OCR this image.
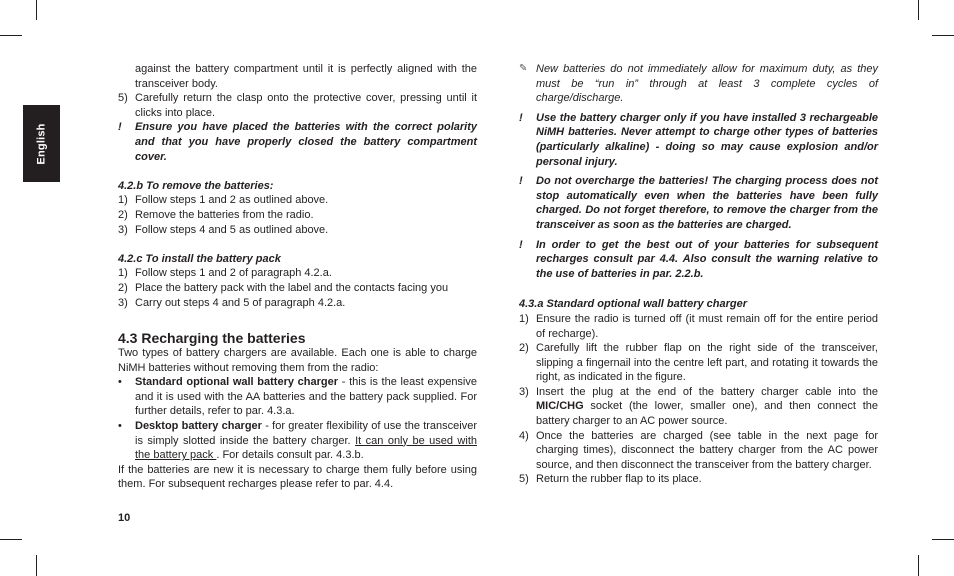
English
against the battery compartment until it is perfectly aligned with the transceiver body.
5) Carefully return the clasp onto the protective cover, pressing until it clicks into place.
!	Ensure you have placed the batteries with the correct polarity and that you have properly closed the battery compartment cover.
4.2.b To remove the batteries:
1) Follow steps 1 and 2 as outlined above.
2) Remove the batteries from the radio.
3) Follow steps 4 and 5 as outlined above.
4.2.c To install the battery pack
1) Follow steps 1 and 2 of paragraph 4.2.a.
2) Place the battery pack with the label and the contacts facing you
3) Carry out steps 4 and 5 of paragraph 4.2.a.
4.3 Recharging the batteries
Two types of battery chargers are available. Each one is able to charge NiMH batteries without removing them from the radio:
•	Standard optional wall battery charger - this is the least expensive and it is used with the AA batteries and the battery pack supplied. For further details, refer to par. 4.3.a.
•	Desktop battery charger - for greater flexibility of use the transceiver is simply slotted inside the battery charger. It can only be used with the battery pack . For details consult par. 4.3.b.
If the batteries are new it is necessary to charge them fully before using them. For subsequent recharges please refer to par. 4.4.
✎ New batteries do not immediately allow for maximum duty, as they must be “run in” through at least 3 complete cycles of charge/discharge.
!	Use the battery charger only if you have installed 3 rechargeable NiMH batteries. Never attempt to charge other types of batteries (particularly alkaline) - doing so may cause explosion and/or personal injury.
!	Do not overcharge the batteries! The charging process does not stop automatically even when the batteries have been fully charged. Do not forget therefore, to remove the charger from the transceiver as soon as the batteries are charged.
!	In order to get the best out of your batteries for subsequent recharges consult par 4.4. Also consult the warning relative to the use of batteries in par. 2.2.b.
4.3.a Standard optional wall battery charger
1) Ensure the radio is turned off (it must remain off for the entire period of recharge).
2) Carefully lift the rubber flap on the right side of the transceiver, slipping a fingernail into the centre left part, and rotating it towards the right, as indicated in the figure.
3) Insert the plug at the end of the battery charger cable into the MIC/CHG socket (the lower, smaller one), and then connect the battery charger to an AC power source.
4) Once the batteries are charged (see table in the next page for charging times), disconnect the battery charger from the AC power source, and then disconnect the transceiver from the battery charger.
5) Return the rubber flap to its place.
10
